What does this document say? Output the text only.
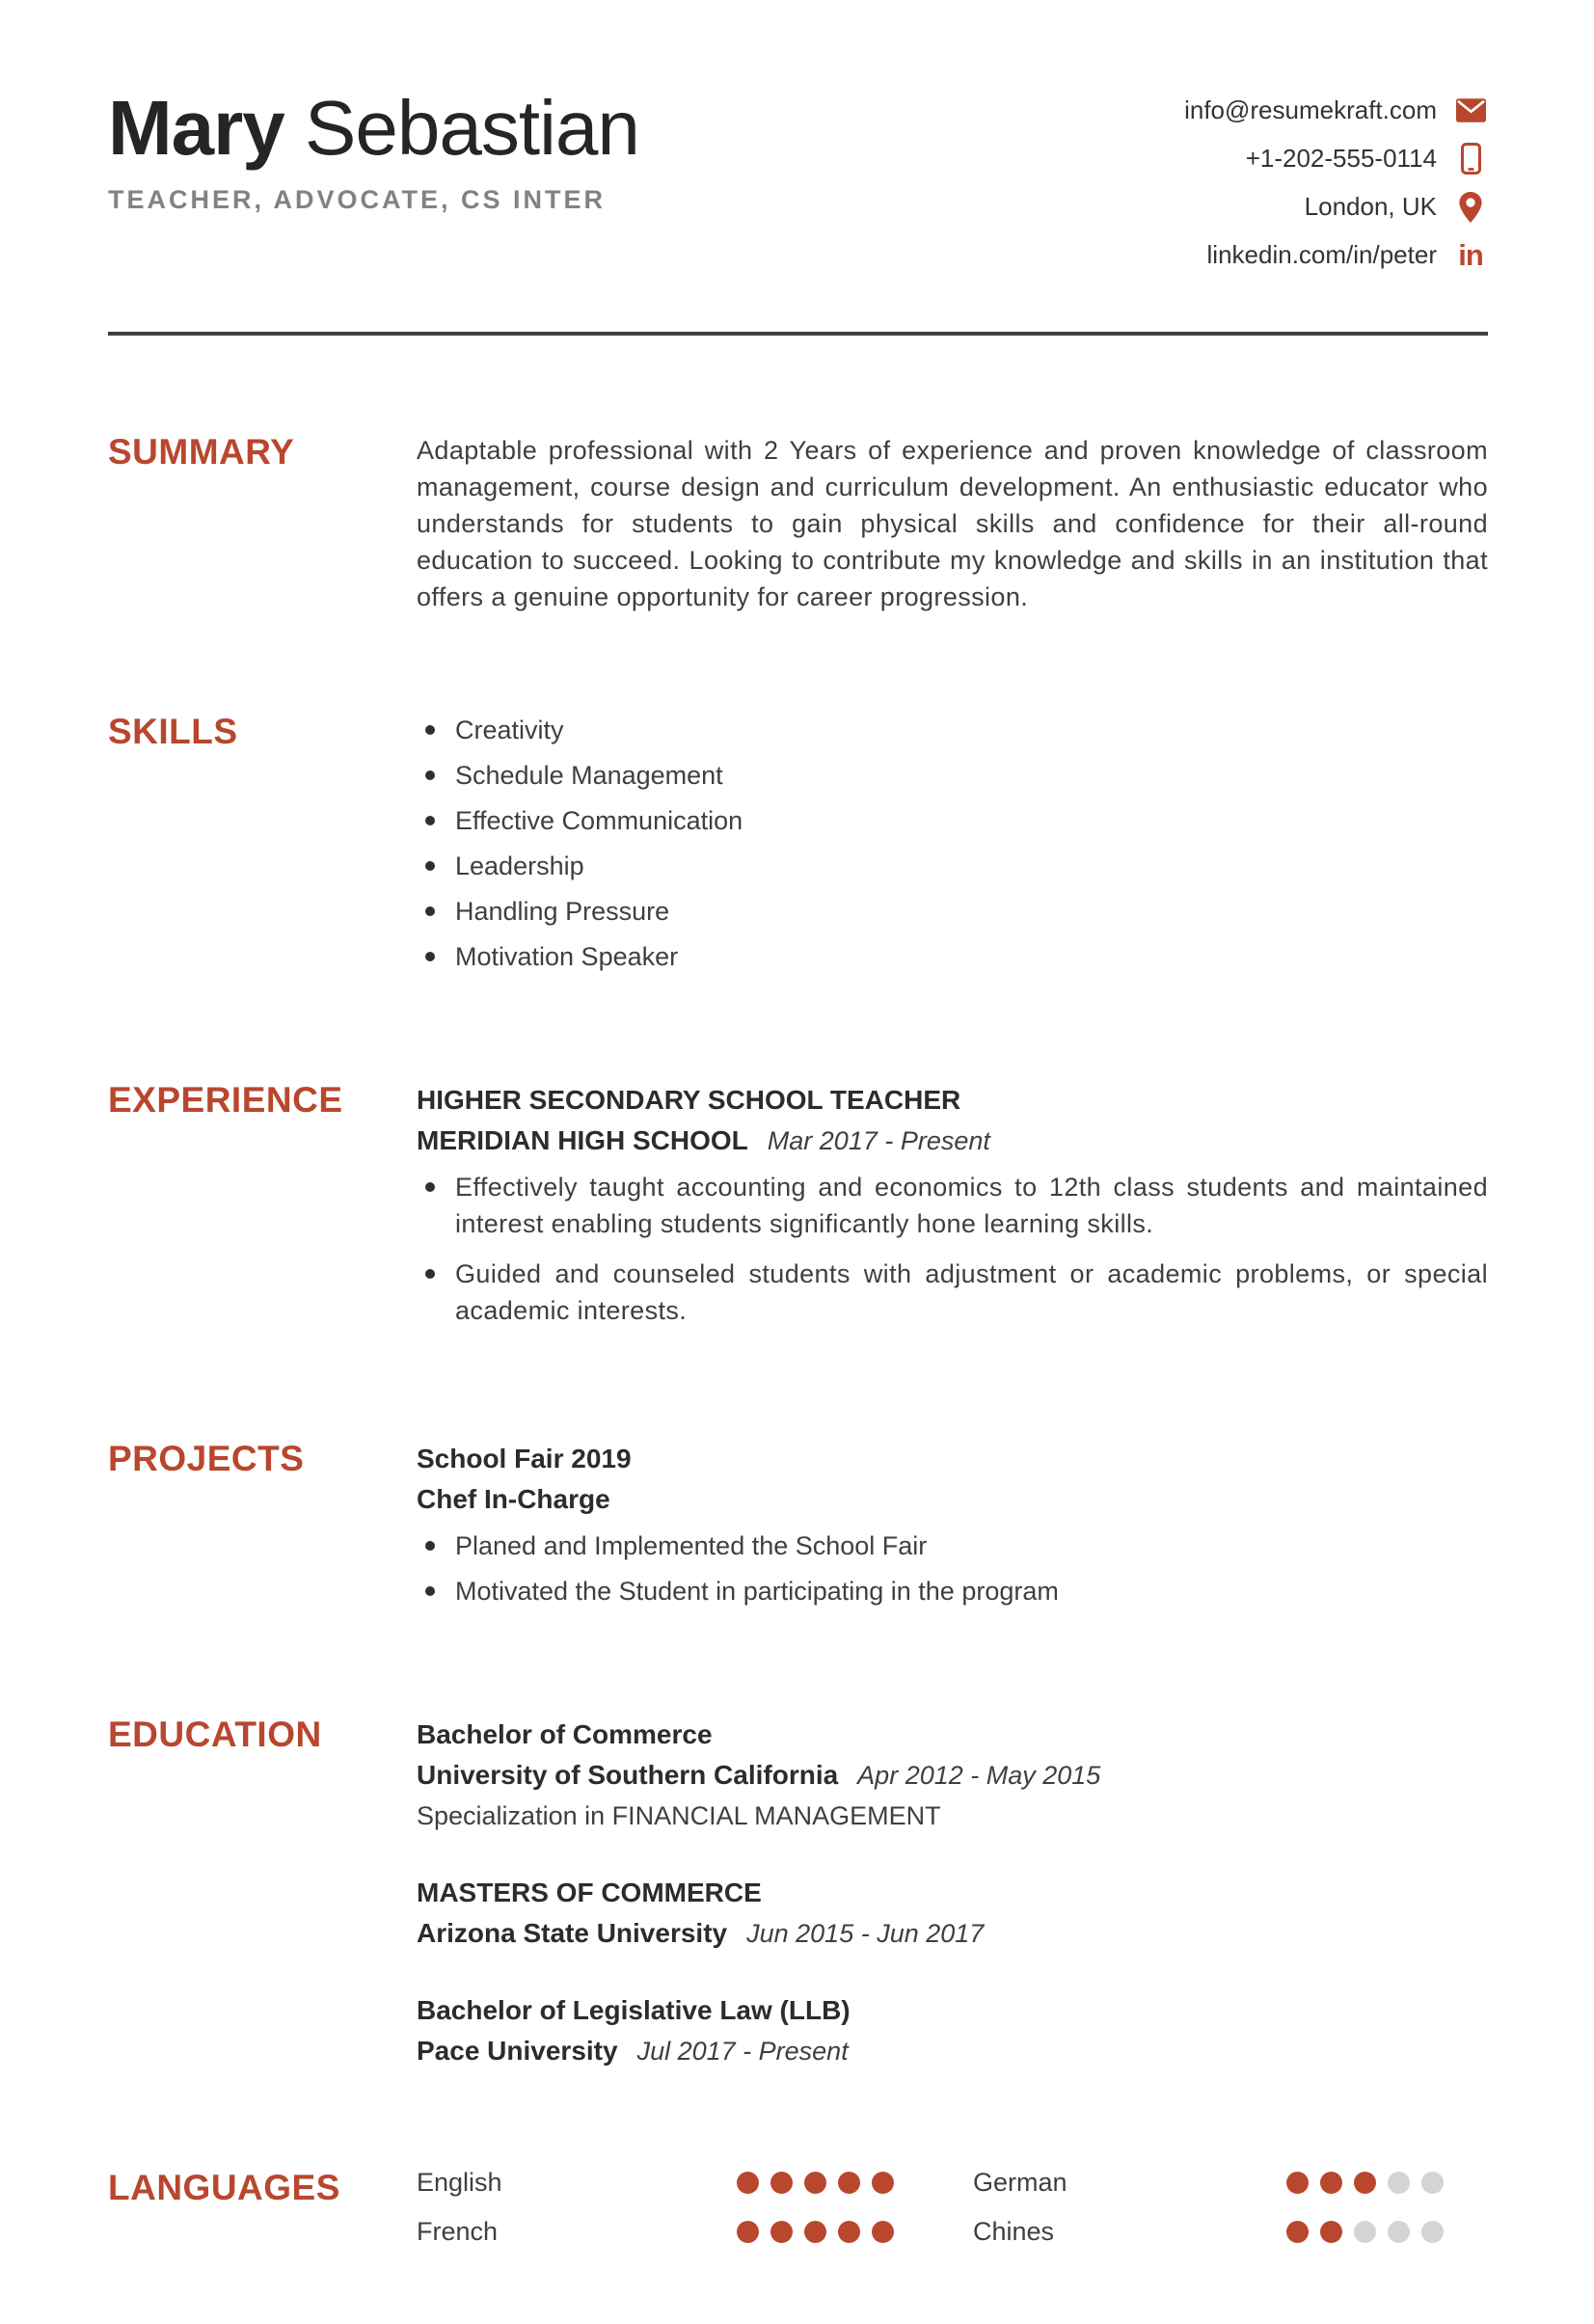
Mary Sebastian
TEACHER, ADVOCATE, CS INTER
info@resumekraft.com
+1-202-555-0114
London, UK
linkedin.com/in/peter in
SUMMARY	Adaptable professional with 2 Years of experience and proven knowledge of classroom management, course design and curriculum development. An enthusiastic educator who understands for students to gain physical skills and confidence for their all-round education to succeed. Looking to contribute my knowledge and skills in an institution that offers a genuine opportunity for career progression.

SKILLS	Creativity
Schedule Management
Effective Communication
Leadership
Handling Pressure
Motivation Speaker
EXPERIENCE	HIGHER SECONDARY SCHOOL TEACHER
MERIDIAN HIGH SCHOOL Mar 2017 - Present
Effectively taught accounting and economics to 12th class students and maintained interest enabling students significantly hone learning skills.
Guided and counseled students with adjustment or academic problems, or special academic interests.
PROJECTS	School Fair 2019
Chef In-Charge
Planed and Implemented the School Fair
Motivated the Student in participating in the program
EDUCATION	Bachelor of Commerce
University of Southern California Apr 2012 - May 2015
Specialization in FINANCIAL MANAGEMENT
MASTERS OF COMMERCE
Arizona State University Jun 2015 - Jun 2017
Bachelor of Legislative Law (LLB)
Pace University Jul 2017 - Present
LANGUAGES	English	German
French	Chines
